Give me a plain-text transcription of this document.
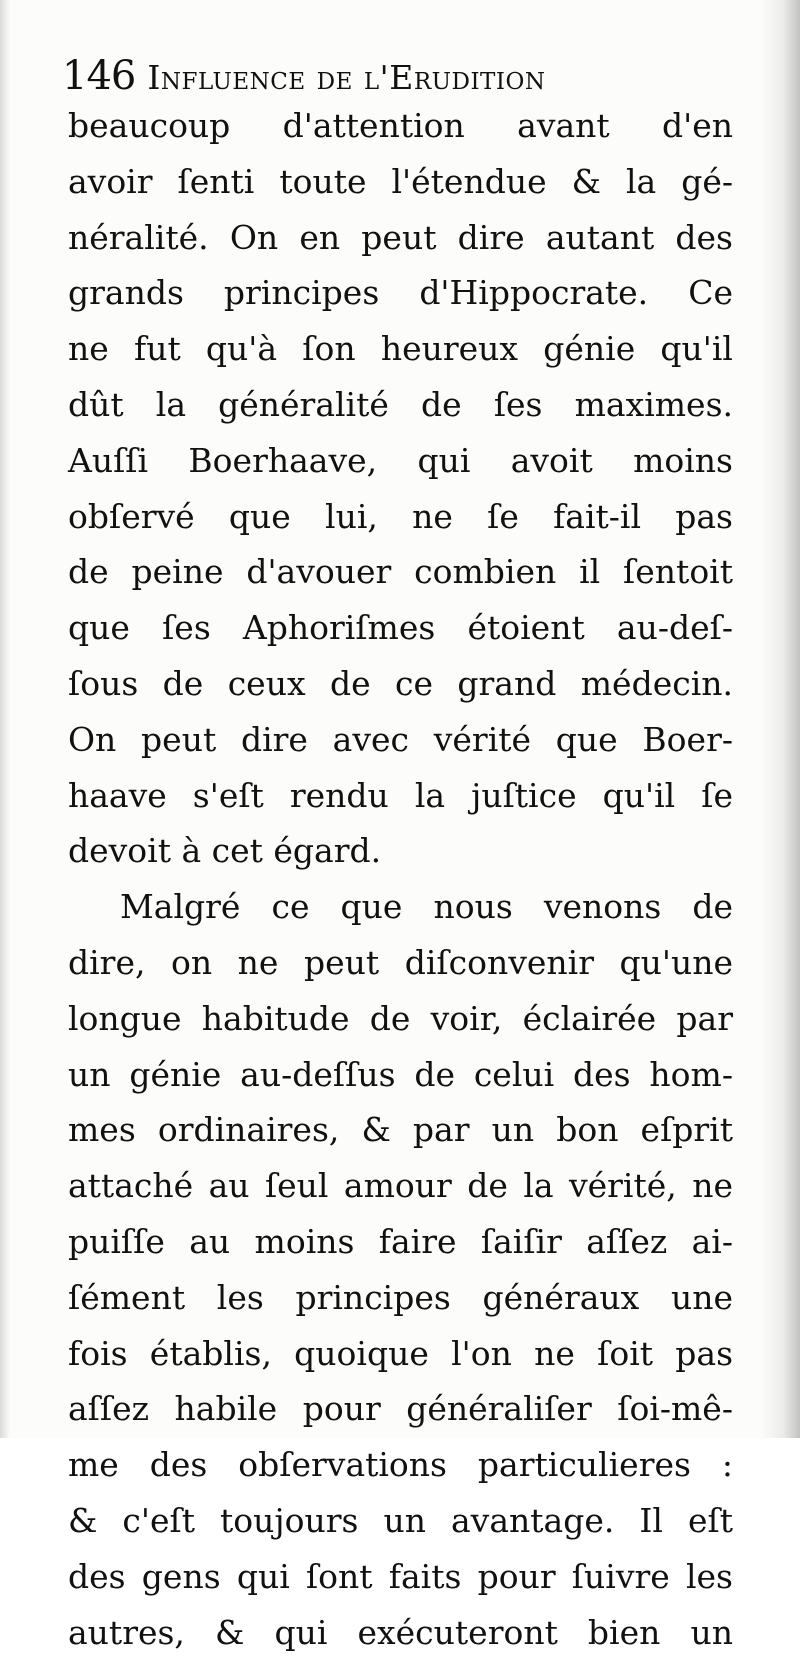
146 Influence de l'Erudition
beaucoup d'attention avant d'en
avoir ſenti toute l'étendue & la gé-
néralité. On en peut dire autant des
grands principes d'Hippocrate. Ce
ne fut qu'à ſon heureux génie qu'il
dût la généralité de ſes maximes.
Auſſi Boerhaave, qui avoit moins
obſervé que lui, ne ſe fait-il pas
de peine d'avouer combien il ſentoit
que ſes Aphoriſmes étoient au-deſ-
ſous de ceux de ce grand médecin.
On peut dire avec vérité que Boer-
haave s'eſt rendu la juſtice qu'il ſe
devoit à cet égard.
Malgré ce que nous venons de
dire, on ne peut diſconvenir qu'une
longue habitude de voir, éclairée par
un génie au-deſſus de celui des hom-
mes ordinaires, & par un bon eſprit
attaché au ſeul amour de la vérité, ne
puiſſe au moins faire ſaiſir aſſez ai-
ſément les principes généraux une
fois établis, quoique l'on ne ſoit pas
aſſez habile pour généraliſer ſoi-mê-
me des obſervations particulieres :
& c'eſt toujours un avantage. Il eſt
des gens qui ſont faits pour ſuivre les
autres, & qui exécuteront bien un
